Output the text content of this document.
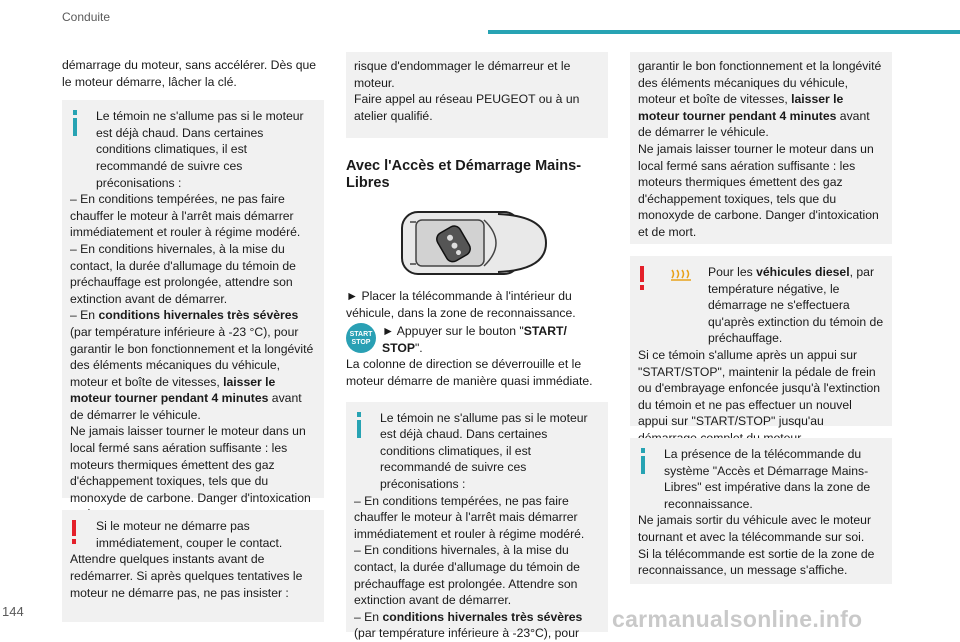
Conduite

démarrage du moteur, sans accélérer. Dès que le moteur démarre, lâcher la clé.

Le témoin ne s'allume pas si le moteur est déjà chaud. Dans certaines conditions climatiques, il est recommandé de suivre ces préconisations :

– En conditions tempérées, ne pas faire chauffer le moteur à l'arrêt mais démarrer immédiatement et rouler à régime modéré.

– En conditions hivernales, à la mise du contact, la durée d'allumage du témoin de préchauffage est prolongée, attendre son extinction avant de démarrer.

– En conditions hivernales très sévères (par température inférieure à -23 °C), pour garantir le bon fonctionnement et la longévité des éléments mécaniques du véhicule, moteur et boîte de vitesses, laisser le moteur tourner pendant 4 minutes avant de démarrer le véhicule.

Ne jamais laisser tourner le moteur dans un local fermé sans aération suffisante : les moteurs thermiques émettent des gaz d'échappement toxiques, tels que du monoxyde de carbone. Danger d'intoxication

Si le moteur ne démarre pas immédiatement, couper le contact.

Attendre quelques instants avant de redémarrer. Si après quelques tentatives le moteur ne démarre pas, ne pas insister :

risque d'endommager le démarreur et le moteur.

Faire appel au réseau PEUGEOT ou à un atelier qualifié.

Avec l'Accès et Démarrage Mains-Libres

► Placer la télécommande à l'intérieur du véhicule, dans la zone de reconnaissance.

START
STOP

► Appuyer sur le bouton "START/ STOP".

La colonne de direction se déverrouille et le moteur démarre de manière quasi immédiate.

Le témoin ne s'allume pas si le moteur est déjà chaud. Dans certaines conditions climatiques, il est recommandé de suivre ces préconisations :

– En conditions tempérées, ne pas faire chauffer le moteur à l'arrêt mais démarrer immédiatement et rouler à régime modéré.

– En conditions hivernales, à la mise du contact, la durée d'allumage du témoin de préchauffage est prolongée. Attendre son extinction avant de démarrer.

– En conditions hivernales très sévères (par température inférieure à -23°C), pour

garantir le bon fonctionnement et la longévité des éléments mécaniques du véhicule, moteur et boîte de vitesses, laisser le moteur tourner pendant 4 minutes avant de démarrer le véhicule.

Ne jamais laisser tourner le moteur dans un local fermé sans aération suffisante : les moteurs thermiques émettent des gaz d'échappement toxiques, tels que du monoxyde de carbone. Danger d'intoxication et de mort.

Pour les véhicules diesel, par température négative, le démarrage ne s'effectuera qu'après extinction du témoin de préchauffage.

Si ce témoin s'allume après un appui sur "START/STOP", maintenir la pédale de frein ou d'embrayage enfoncée jusqu'à l'extinction du témoin et ne pas effectuer un nouvel appui sur "START/STOP" jusqu'au

La présence de la télécommande du système "Accès et Démarrage Mains-Libres" est impérative dans la zone de reconnaissance.

Ne jamais sortir du véhicule avec le moteur tournant et avec la télécommande sur soi.

Si la télécommande est sortie de la zone de reconnaissance, un message s'affiche.

144	carmanualsonline.info
